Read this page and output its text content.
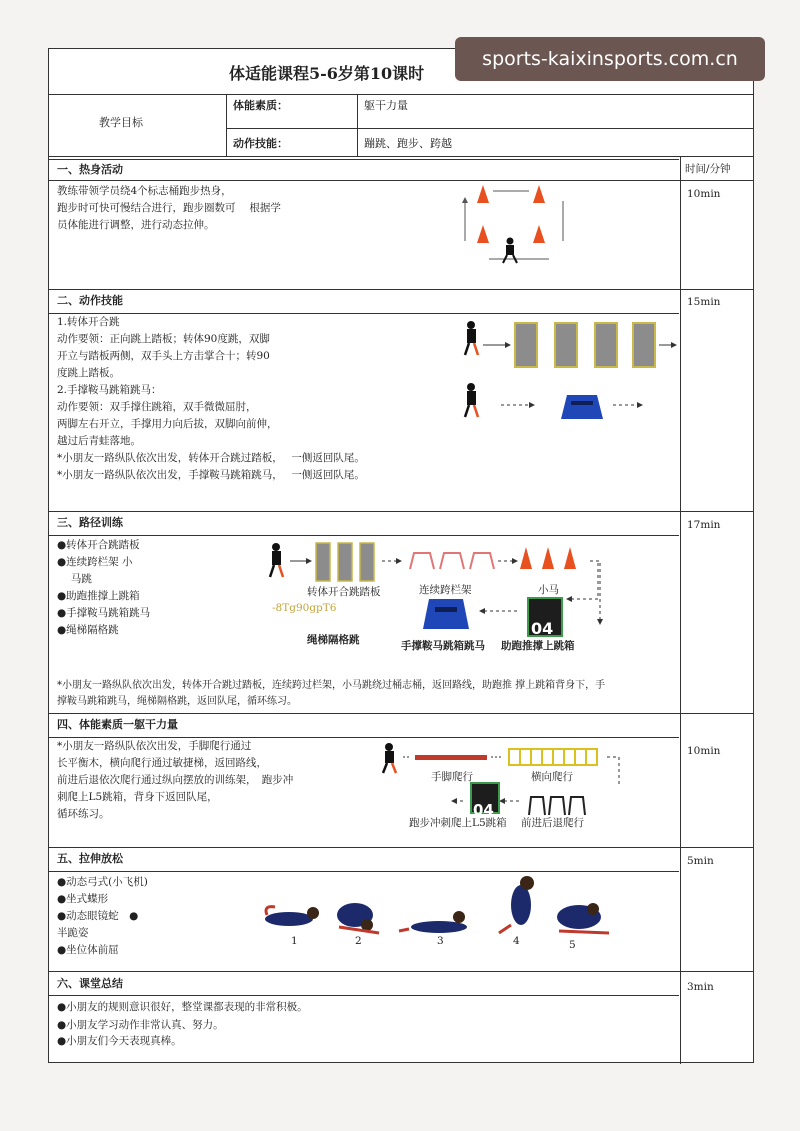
sports-kaixinsports.com.cn
体适能课程5-6岁第10课时
教学目标
体能素质：	躯干力量
动作技能：	蹦跳、跑步、跨越
时间/分钟
一、热身活动
教练带领学员绕4个标志桶跑步热身，
跑步时可快可慢结合进行，跑步圈数可　 根据学
员体能进行调整，进行动态拉伸。
10min
二、动作技能	15min
1.转体开合跳
动作要领：正向跳上踏板；转体90度跳，双脚
开立与踏板两侧，双手头上方击掌合十；转90
度跳上踏板。
2.手撑鞍马跳箱跳马：
动作要领：双手撑住跳箱，双手微微屈肘，
两脚左右开立，手撑用力向后拔，双脚向前伸，
越过后青蛙落地。
*小朋友一路纵队依次出发，转体开合跳过踏板，　 一侧返回队尾。
*小朋友一路纵队依次出发，手撑鞍马跳箱跳马，　 一侧返回队尾。
三、路径训练	17min
●转体开合跳踏板
●连续跨栏架 小
　 马跳
●助跑推撑上跳箱
●手撑鞍马跳箱跳马
●绳梯隔格跳
转体开合跳踏板	连续跨栏架	小马
-8Tg90gpT6
04
绳梯隔格跳	手撑鞍马跳箱跳马 助跑推撑上跳箱
*小朋友一路纵队依次出发，转体开合跳过踏板，连续跨过栏架，小马跳绕过桶志桶，返回路线，助跑推 撑上跳箱背身下，手
撑鞍马跳箱跳马，绳梯隔格跳，返回队尾，循环练习。
四、体能素质一躯干力量
10min
*小朋友一路纵队依次出发，手脚爬行通过
长平衡木，横向爬行通过敏捷梯，返回路线，
前进后退依次爬行通过纵向摆放的训练架，　跑步冲
刺爬上L5跳箱，背身下返回队尾，
循环练习。
手脚爬行	横向爬行
04
跑步冲刺爬上L5跳箱 前进后退爬行
五、拉伸放松	5min
●动态弓式(小飞机)
●坐式蝶形
●动态眼镜蛇　●
半跪姿
●坐位体前屈
1	2	3	4	5
六、课堂总结	3min
●小朋友的规则意识很好，整堂课都表现的非常积极。
●小朋友学习动作非常认真、努力。
●小朋友们今天表现真棒。
